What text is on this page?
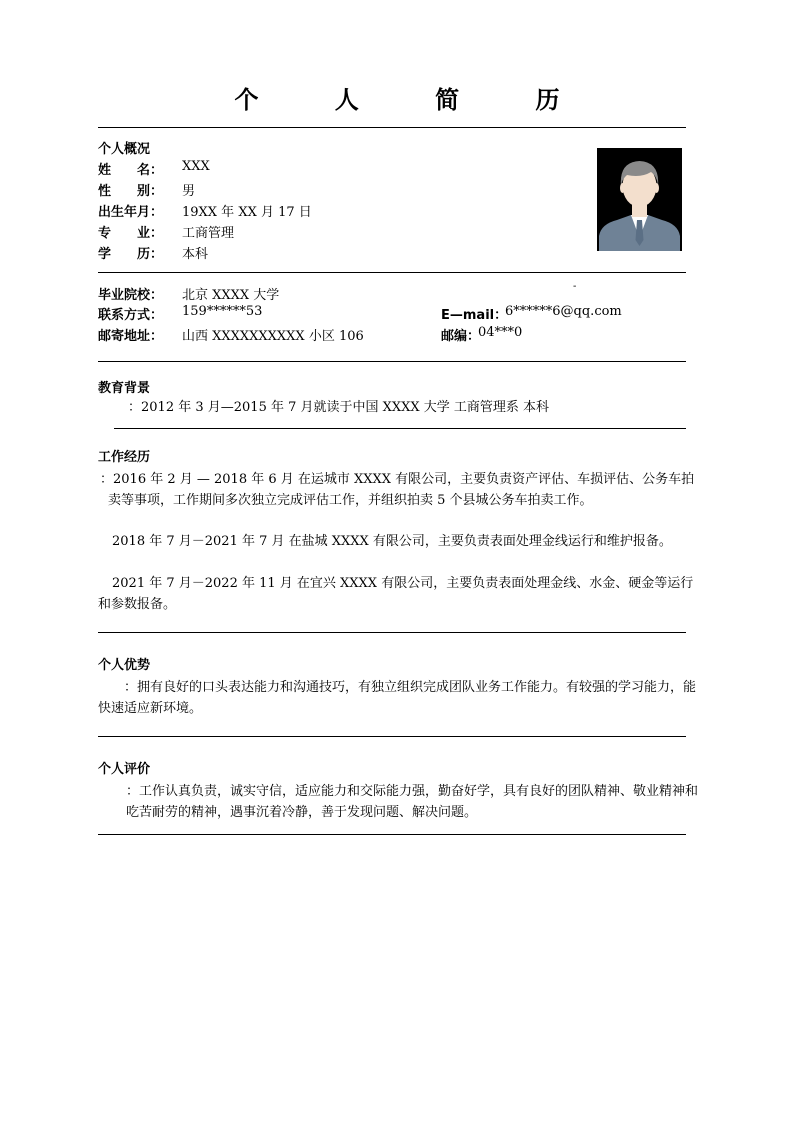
个 人 简 历
个人概况
姓　　名： XXX
性　　别： 男
出生年月： 19XX 年 XX 月 17 日
专　　业： 工商管理
学　　历： 本科
-
毕业院校： 北京 XXXX 大学
联系方式： 159******53	E—mail：
6******6@qq.com
邮寄地址： 山西 XXXXXXXXXX 小区 106	邮编：
04***0
教育背景
：2012 年 3 月—2015 年 7 月就读于中国 XXXX 大学 工商管理系 本科
工作经历
：2016 年 2 月 — 2018 年 6 月 在运城市 XXXX 有限公司，主要负责资产评估、车损评估、公务车拍卖等事项，工作期间多次独立完成评估工作，并组织拍卖 5 个县城公务车拍卖工作。
2018 年 7 月－2021 年 7 月 在盐城 XXXX 有限公司，主要负责表面处理金线运行和维护报备。
2021 年 7 月－2022 年 11 月 在宜兴 XXXX 有限公司，主要负责表面处理金线、水金、硬金等运行和参数报备。
个人优势
：拥有良好的口头表达能力和沟通技巧，有独立组织完成团队业务工作能力。有较强的学习能力，能快速适应新环境。
个人评价
：工作认真负责，诚实守信，适应能力和交际能力强，勤奋好学，具有良好的团队精神、敬业精神和吃苦耐劳的精神，遇事沉着冷静，善于发现问题、解决问题。
